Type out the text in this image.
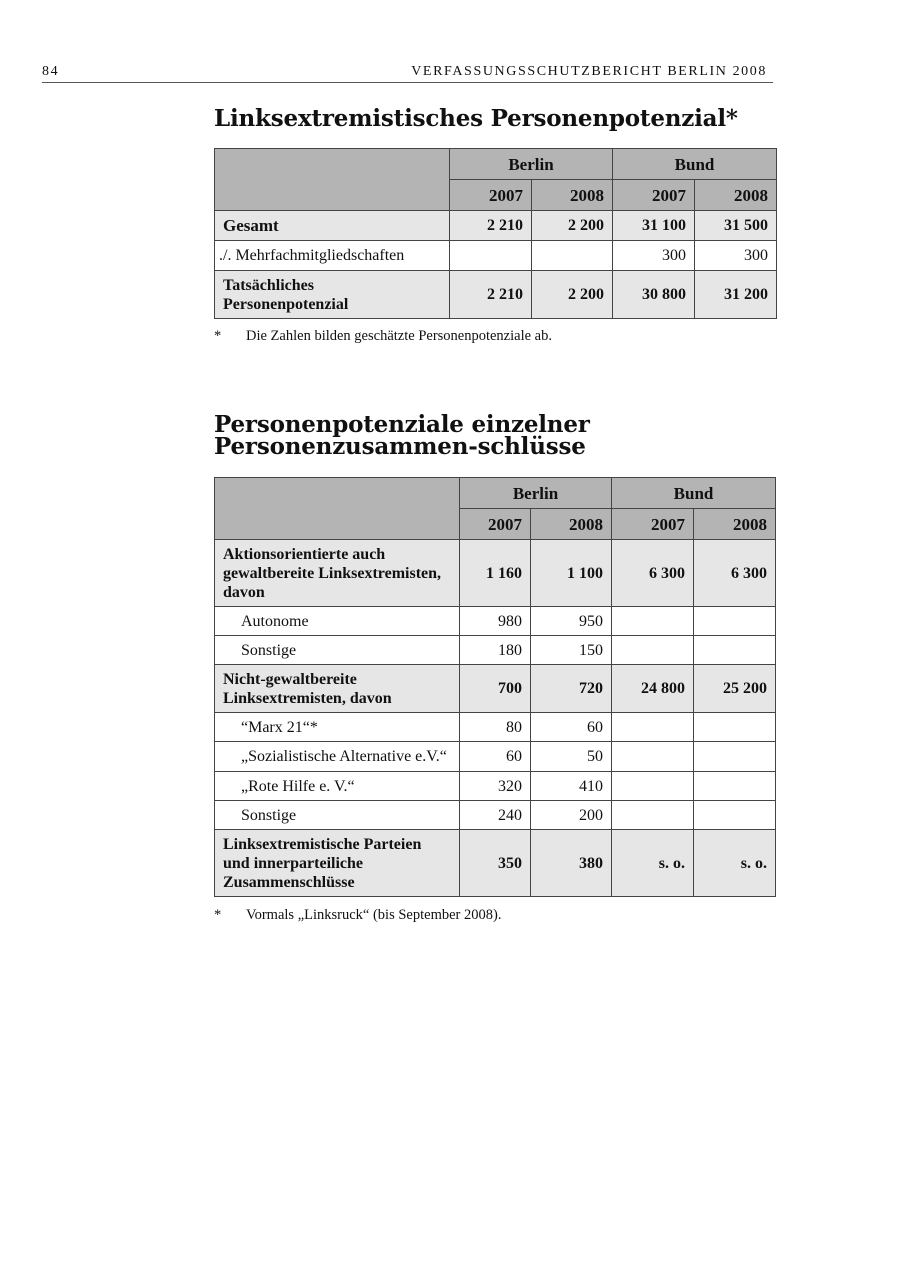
84	VERFASSUNGSSCHUTZBERICHT BERLIN 2008
Linksextremistisches Personenpotenzial*
	Berlin		Bund	
	2007	2008	2007	2008
Gesamt	2 210	2 200	31 100	31 500
./. Mehrfachmitgliedschaften			300	300
Tatsächliches Personenpotenzial	2 210	2 200	30 800	31 200
* Die Zahlen bilden geschätzte Personenpotenziale ab.
Personenpotenziale einzelner Personenzusammen-schlüsse
	Berlin		Bund	
	2007	2008	2007	2008
Aktionsorientierte auch gewaltbereite Linksextremisten, davon	1 160	1 100	6 300	6 300
Autonome	980	950		
Sonstige	180	150		
Nicht-gewaltbereite Linksextremisten, davon	700	720	24 800	25 200
“Marx 21“*	80	60		
„Sozialistische Alternative e.V.“	60	50		
„Rote Hilfe e. V.“	320	410		
Sonstige	240	200		
Linksextremistische Parteien und innerparteiliche Zusammenschlüsse	350	380	s. o.	s. o.
* Vormals „Linksruck“ (bis September 2008).
